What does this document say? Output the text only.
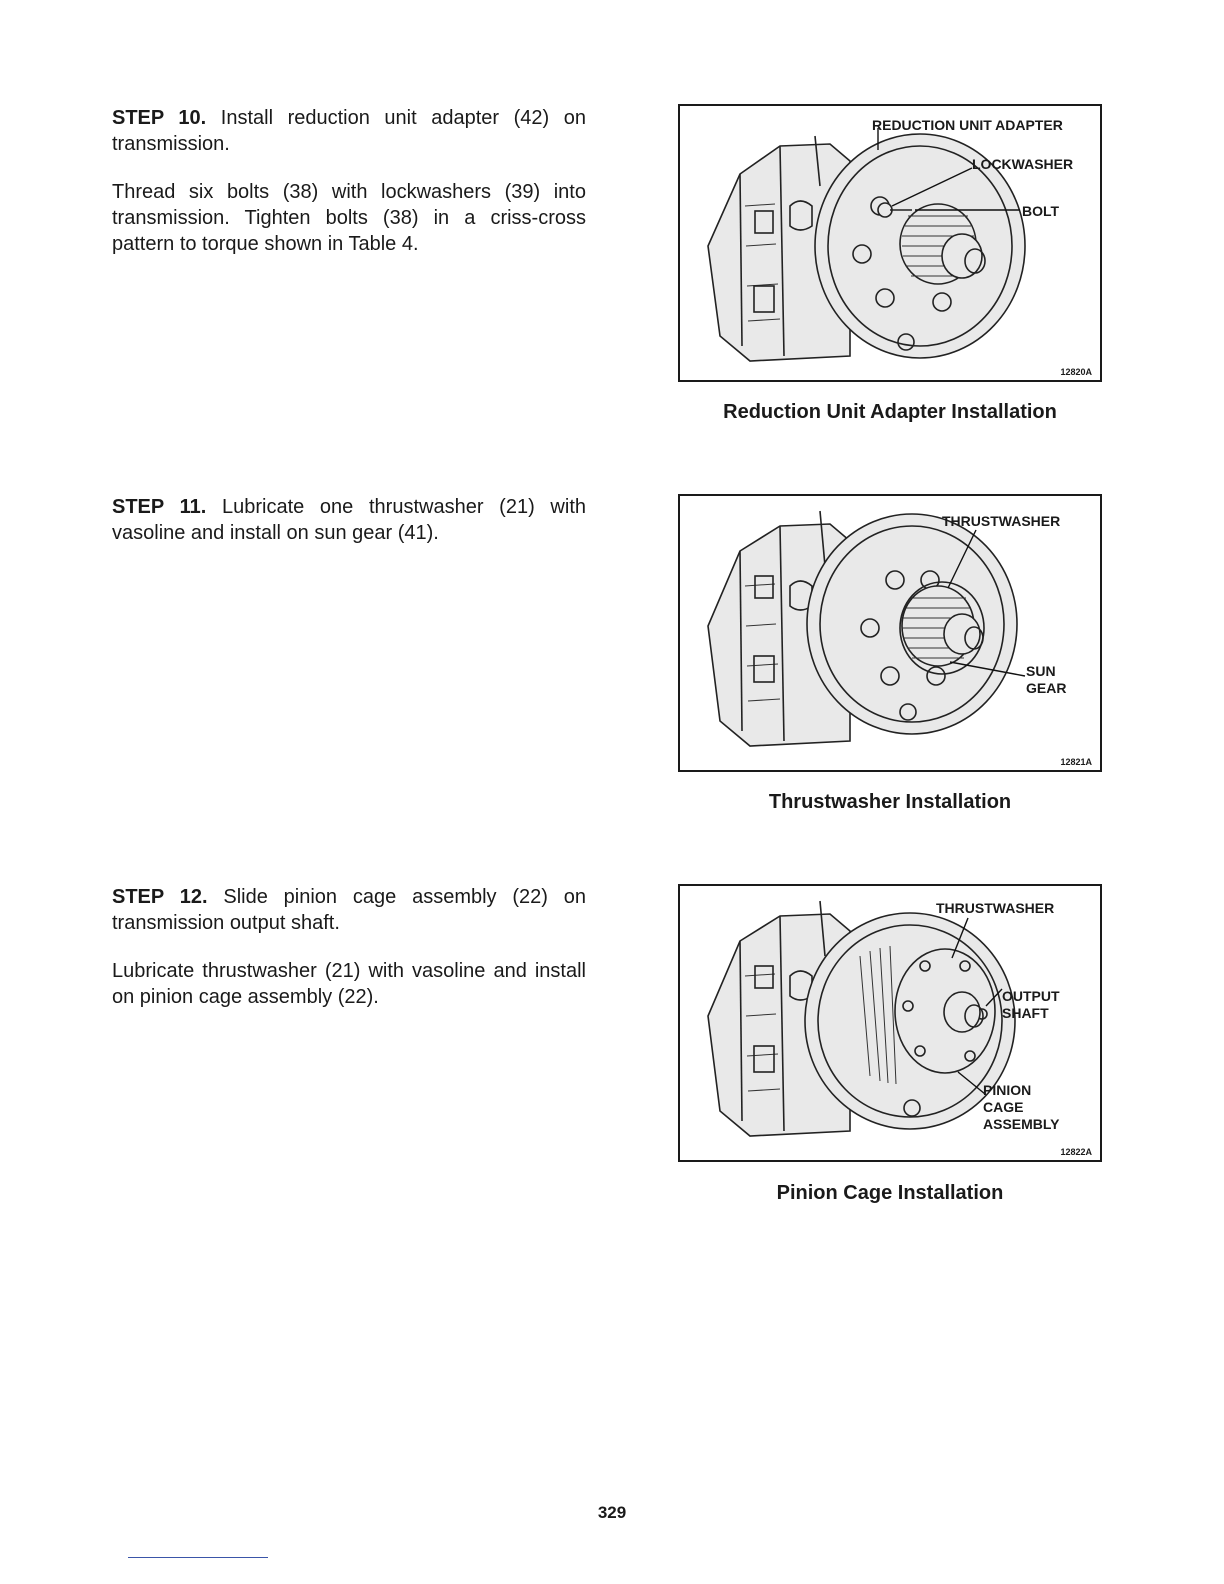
STEP 10. Install reduction unit adapter (42) on transmission.

Thread six bolts (38) with lockwashers (39) into transmission. Tighten bolts (38) in a criss-cross pattern to torque shown in Table 4.

STEP 11. Lubricate one thrustwasher (21) with vasoline and install on sun gear (41).

STEP 12. Slide pinion cage assembly (22) on transmission output shaft.

Lubricate thrustwasher (21) with vasoline and install on pinion cage assembly (22).

REDUCTION UNIT ADAPTER
LOCKWASHER
BOLT
12820A
Reduction Unit Adapter Installation
THRUSTWASHER
SUN
GEAR
12821A
Thrustwasher Installation
THRUSTWASHER
OUTPUT
SHAFT
PINION
CAGE
ASSEMBLY
12822A
Pinion Cage Installation
329
